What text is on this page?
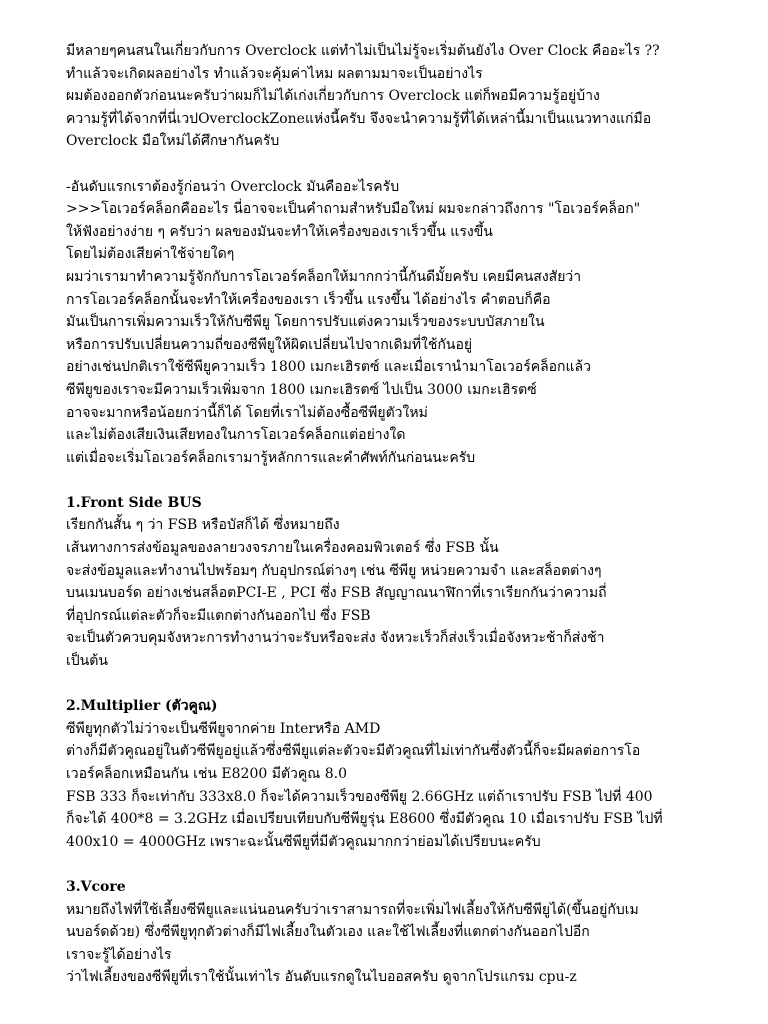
มีหลายๆคนสนในเกี่ยวกับการ Overclock แต่ทำไม่เป็นไม่รู้จะเริ่มต้นยังไง Over Clock คืออะไร ??
ทำแล้วจะเกิดผลอย่างไร ทำแล้วจะคุ้มค่าไหม ผลตามมาจะเป็นอย่างไร
ผมต้องออกตัวก่อนนะครับว่าผมก็ไม่ได้เก่งเกี่ยวกับการ Overclock แต่ก็พอมีความรู้อยู่บ้าง
ความรู้ที่ได้จากที่นี่เวปOverclockZoneแห่งนี้ครับ จึงจะนำความรู้ที่ได้เหล่านี้มาเป็นแนวทางแก่มือ
Overclock มือใหม่ได้ศึกษากันครับ
-อันดับแรกเราต้องรู้ก่อนว่า Overclock มันคืออะไรครับ
>>>โอเวอร์คล็อกคืออะไร นี่อาจจะเป็นคำถามสำหรับมือใหม่ ผมจะกล่าวถึงการ "โอเวอร์คล็อก"
ให้ฟังอย่างง่าย ๆ ครับว่า ผลของมันจะทำให้เครื่องของเราเร็วขึ้น แรงขึ้น
โดยไม่ต้องเสียค่าใช้จ่ายใดๆ
ผมว่าเรามาทำความรู้จักกับการโอเวอร์คล็อกให้มากกว่านี้กันดีมั้ยครับ เคยมีคนสงสัยว่า
การโอเวอร์คล็อกนั้นจะทำให้เครื่องของเรา เร็วขึ้น แรงขึ้น ได้อย่างไร คำตอบก็คือ
มันเป็นการเพิ่มความเร็วให้กับซีพียู โดยการปรับแต่งความเร็วของระบบบัสภายใน
หรือการปรับเปลี่ยนความถี่ของซีพียูให้ผิดเปลี่ยนไปจากเดิมที่ใช้กันอยู่
อย่างเช่นปกติเราใช้ซีพียูความเร็ว 1800 เมกะเฮิรตซ์ และเมื่อเรานำมาโอเวอร์คล็อกแล้ว
ซีพียูของเราจะมีความเร็วเพิ่มจาก 1800 เมกะเฮิรตซ์ ไปเป็น 3000 เมกะเฮิรตซ์
อาจจะมากหรือน้อยกว่านี้ก็ได้ โดยที่เราไม่ต้องซื้อซีพียูตัวใหม่
และไม่ต้องเสียเงินเสียทองในการโอเวอร์คล็อกแต่อย่างใด
แต่เมื่อจะเริ่มโอเวอร์คล็อกเรามารู้หลักการและคำศัพท์กันก่อนนะครับ
1.Front Side BUS
เรียกกันสั้น ๆ ว่า FSB หรือบัสก็ได้ ซึ่งหมายถึง
เส้นทางการส่งข้อมูลของลายวงจรภายในเครื่องคอมพิวเตอร์ ซึ่ง FSB นั้น
จะส่งข้อมูลและทำงานไปพร้อมๆ กับอุปกรณ์ต่างๆ เช่น ซีพียู หน่วยความจำ และสล็อตต่างๆ
บนเมนบอร์ด อย่างเช่นสล็อตPCI-E , PCI ซึ่ง FSB สัญญาณนาฬิกาที่เราเรียกกันว่าความถี่
ที่อุปกรณ์แต่ละตัวก็จะมีแตกต่างกันออกไป ซึ่ง FSB
จะเป็นตัวควบคุมจังหวะการทำงานว่าจะรับหรือจะส่ง จังหวะเร็วก็ส่งเร็วเมื่อจังหวะช้าก็ส่งช้า
เป็นต้น
2.Multiplier (ตัวคูณ)
ซีพียูทุกตัวไม่ว่าจะเป็นซีพียูจากค่าย Interหรือ AMD
ต่างก็มีตัวคูณอยู่ในตัวซีพียูอยู่แล้วซึ่งซีพียูแต่ละตัวจะมีตัวคูณที่ไม่เท่ากันซึ่งตัวนี้ก็จะมีผลต่อการโอ
เวอร์คล็อกเหมือนกัน เช่น E8200 มีตัวคูณ 8.0
FSB 333 ก็จะเท่ากับ 333x8.0 ก็จะได้ความเร็วของซีพียู 2.66GHz แต่ถ้าเราปรับ FSB ไปที่ 400
ก็จะได้ 400*8 = 3.2GHz เมื่อเปรียบเทียบกับซีพียูรุ่น E8600 ซึ่งมีตัวคูณ 10 เมื่อเราปรับ FSB ไปที่
400x10 = 4000GHz เพราะฉะนั้นซีพียูที่มีตัวคูณมากกว่าย่อมได้เปรียบนะครับ
3.Vcore
หมายถึงไฟที่ใช้เลี้ยงซีพียูและแน่นอนครับว่าเราสามารถที่จะเพิ่มไฟเลี้ยงให้กับซีพียูได้(ขึ้นอยู่กับเม
นบอร์ดด้วย) ซึ่งซีพียูทุกตัวต่างก็มีไฟเลี้ยงในตัวเอง และใช้ไฟเลี้ยงที่แตกต่างกันออกไปอีก
เราจะรู้ได้อย่างไร
ว่าไฟเลี้ยงของซีพียูที่เราใช้นั้นเท่าไร อันดับแรกดูในไบออสครับ ดูจากโปรแกรม cpu-z
